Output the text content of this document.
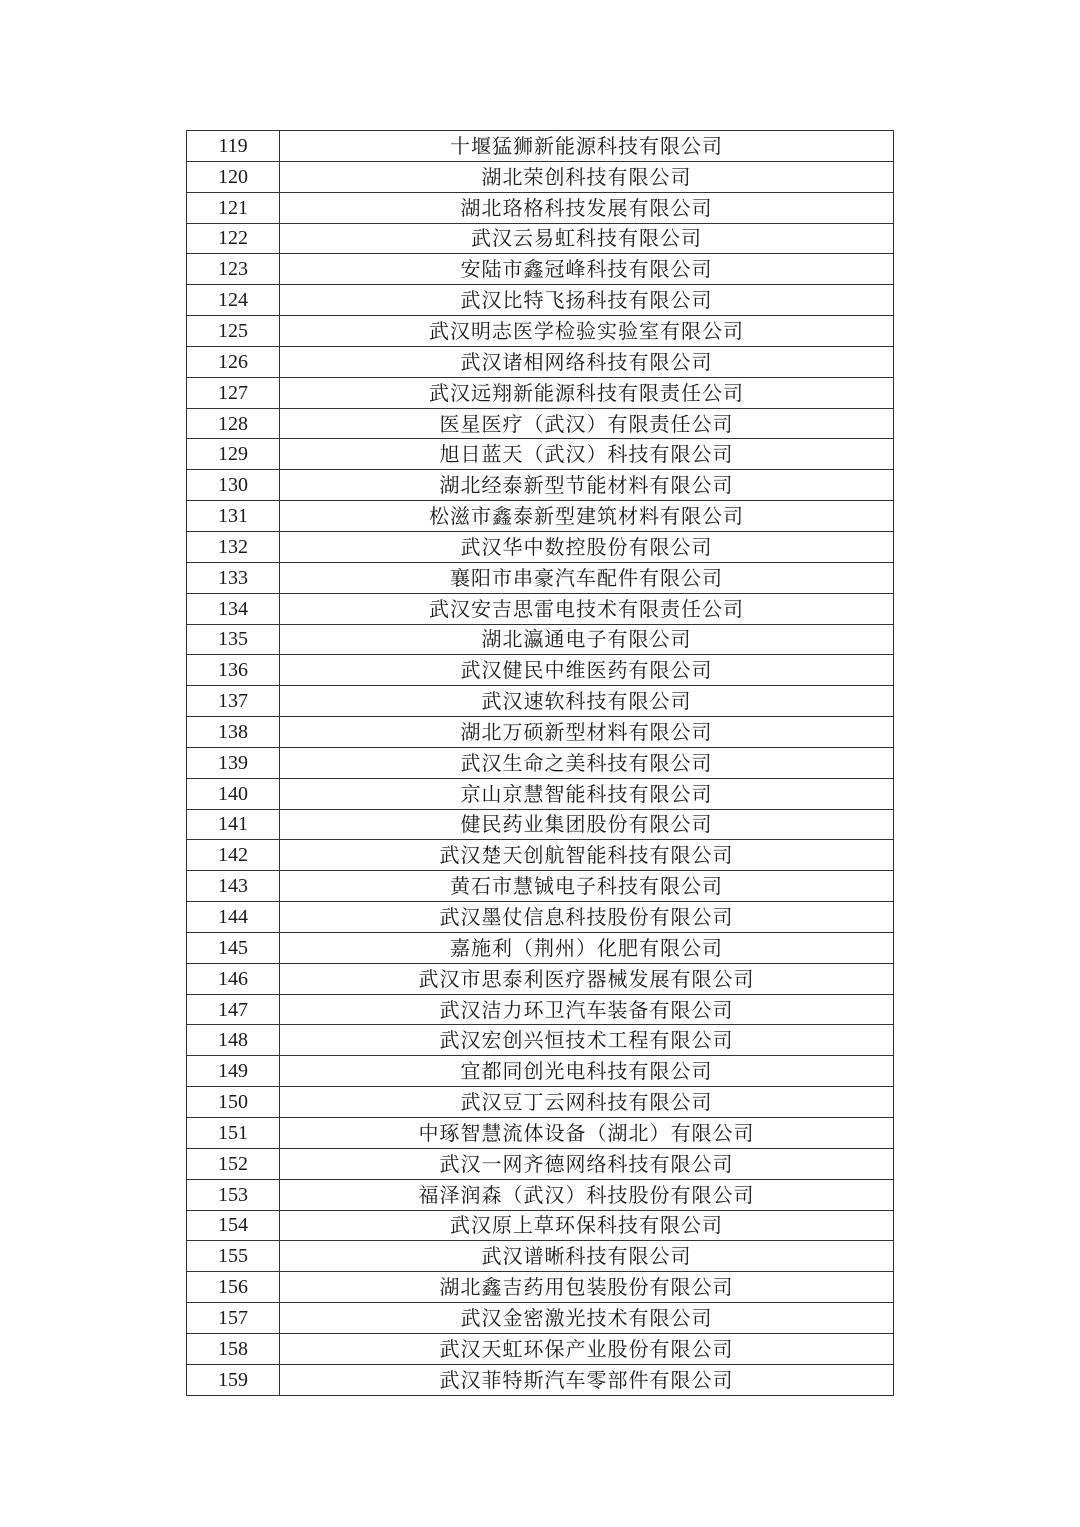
119	十堰猛狮新能源科技有限公司
120	湖北荣创科技有限公司
121	湖北珞格科技发展有限公司
122	武汉云易虹科技有限公司
123	安陆市鑫冠峰科技有限公司
124	武汉比特飞扬科技有限公司
125	武汉明志医学检验实验室有限公司
126	武汉诸相网络科技有限公司
127	武汉远翔新能源科技有限责任公司
128	医星医疗（武汉）有限责任公司
129	旭日蓝天（武汉）科技有限公司
130	湖北经泰新型节能材料有限公司
131	松滋市鑫泰新型建筑材料有限公司
132	武汉华中数控股份有限公司
133	襄阳市串豪汽车配件有限公司
134	武汉安吉思雷电技术有限责任公司
135	湖北瀛通电子有限公司
136	武汉健民中维医药有限公司
137	武汉速软科技有限公司
138	湖北万硕新型材料有限公司
139	武汉生命之美科技有限公司
140	京山京慧智能科技有限公司
141	健民药业集团股份有限公司
142	武汉楚天创航智能科技有限公司
143	黄石市慧铖电子科技有限公司
144	武汉墨仗信息科技股份有限公司
145	嘉施利（荆州）化肥有限公司
146	武汉市思泰利医疗器械发展有限公司
147	武汉洁力环卫汽车装备有限公司
148	武汉宏创兴恒技术工程有限公司
149	宜都同创光电科技有限公司
150	武汉豆丁云网科技有限公司
151	中琢智慧流体设备（湖北）有限公司
152	武汉一网齐德网络科技有限公司
153	福泽润森（武汉）科技股份有限公司
154	武汉原上草环保科技有限公司
155	武汉谱晰科技有限公司
156	湖北鑫吉药用包装股份有限公司
157	武汉金密激光技术有限公司
158	武汉天虹环保产业股份有限公司
159	武汉菲特斯汽车零部件有限公司
